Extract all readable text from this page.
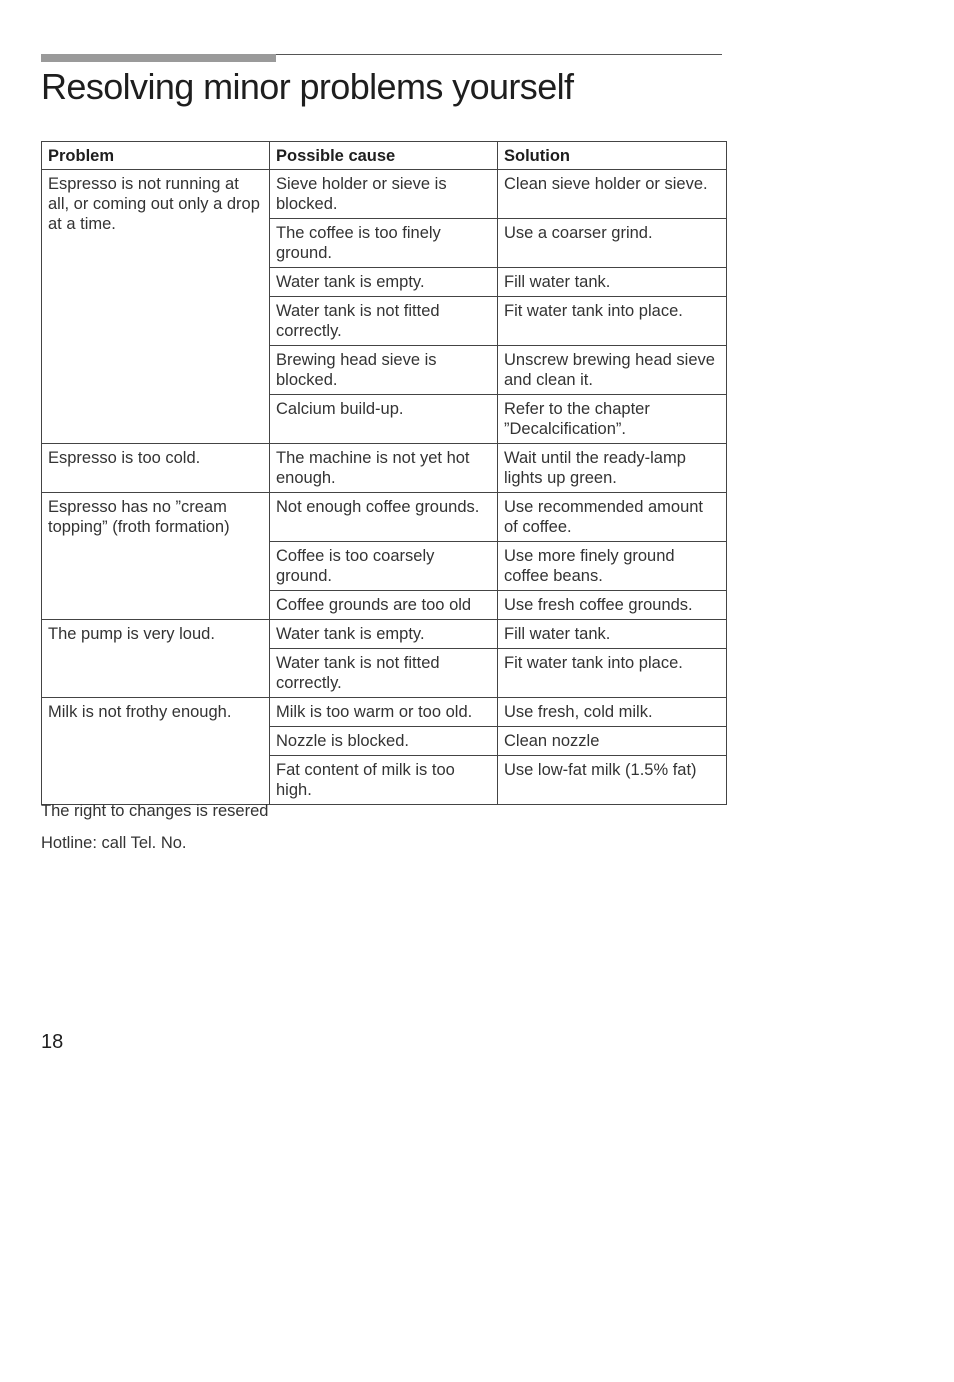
Resolving minor problems yourself
Problem	Possible cause	Solution
Espresso is not running at all, or coming out only a drop at a time.	Sieve holder or sieve is blocked.	Clean sieve holder or sieve.
	The coffee is too finely ground.	Use a coarser grind.
	Water tank is empty.	Fill water tank.
	Water tank is not fitted correctly.	Fit water tank into place.
	Brewing head sieve is blocked.	Unscrew brewing head sieve and clean it.
	Calcium build-up.	Refer to the chapter ”Decalcification”.
Espresso is too cold.	The machine is not yet hot enough.	Wait until the ready-lamp lights up green.
Espresso has no ”cream topping” (froth formation)	Not enough coffee grounds.	Use recommended amount of coffee.
	Coffee is too coarsely ground.	Use more finely ground coffee beans.
	Coffee grounds are too old	Use fresh coffee grounds.
The pump is very loud.	Water tank is empty.	Fill water tank.
	Water tank is not fitted correctly.	Fit water tank into place.
Milk is not frothy enough.	Milk is too warm or too old.	Use fresh, cold milk.
	Nozzle is blocked.	Clean nozzle
	Fat content of milk is too high.	Use low-fat milk (1.5% fat)
The right to changes is resered
Hotline: call Tel. No.
18
